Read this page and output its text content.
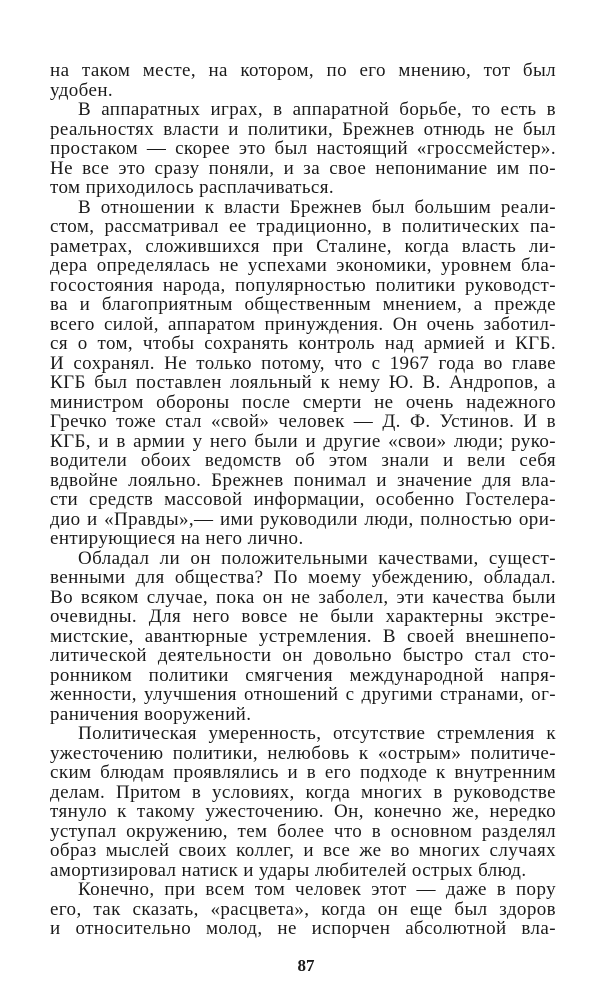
на таком месте, на котором, по его мнению, тот был
удобен.
В аппаратных играх, в аппаратной борьбе, то есть в
реальностях власти и политики, Брежнев отнюдь не был
простаком — скорее это был настоящий «гроссмейстер».
Не все это сразу поняли, и за свое непонимание им по-
том приходилось расплачиваться.
В отношении к власти Брежнев был большим реали-
стом, рассматривал ее традиционно, в политических па-
раметрах, сложившихся при Сталине, когда власть ли-
дера определялась не успехами экономики, уровнем бла-
госостояния народа, популярностью политики руководст-
ва и благоприятным общественным мнением, а прежде
всего силой, аппаратом принуждения. Он очень заботил-
ся о том, чтобы сохранять контроль над армией и КГБ.
И сохранял. Не только потому, что с 1967 года во главе
КГБ был поставлен лояльный к нему Ю. В. Андропов, а
министром обороны после смерти не очень надежного
Гречко тоже стал «свой» человек — Д. Ф. Устинов. И в
КГБ, и в армии у него были и другие «свои» люди; руко-
водители обоих ведомств об этом знали и вели себя
вдвойне лояльно. Брежнев понимал и значение для вла-
сти средств массовой информации, особенно Гостелера-
дио и «Правды»,— ими руководили люди, полностью ори-
ентирующиеся на него лично.
Обладал ли он положительными качествами, сущест-
венными для общества? По моему убеждению, обладал.
Во всяком случае, пока он не заболел, эти качества были
очевидны. Для него вовсе не были характерны экстре-
мистские, авантюрные устремления. В своей внешнепо-
литической деятельности он довольно быстро стал сто-
ронником политики смягчения международной напря-
женности, улучшения отношений с другими странами, ог-
раничения вооружений.
Политическая умеренность, отсутствие стремления к
ужесточению политики, нелюбовь к «острым» политиче-
ским блюдам проявлялись и в его подходе к внутренним
делам. Притом в условиях, когда многих в руководстве
тянуло к такому ужесточению. Он, конечно же, нередко
уступал окружению, тем более что в основном разделял
образ мыслей своих коллег, и все же во многих случаях
амортизировал натиск и удары любителей острых блюд.
Конечно, при всем том человек этот — даже в пору
его, так сказать, «расцвета», когда он еще был здоров
и относительно молод, не испорчен абсолютной вла-
87
